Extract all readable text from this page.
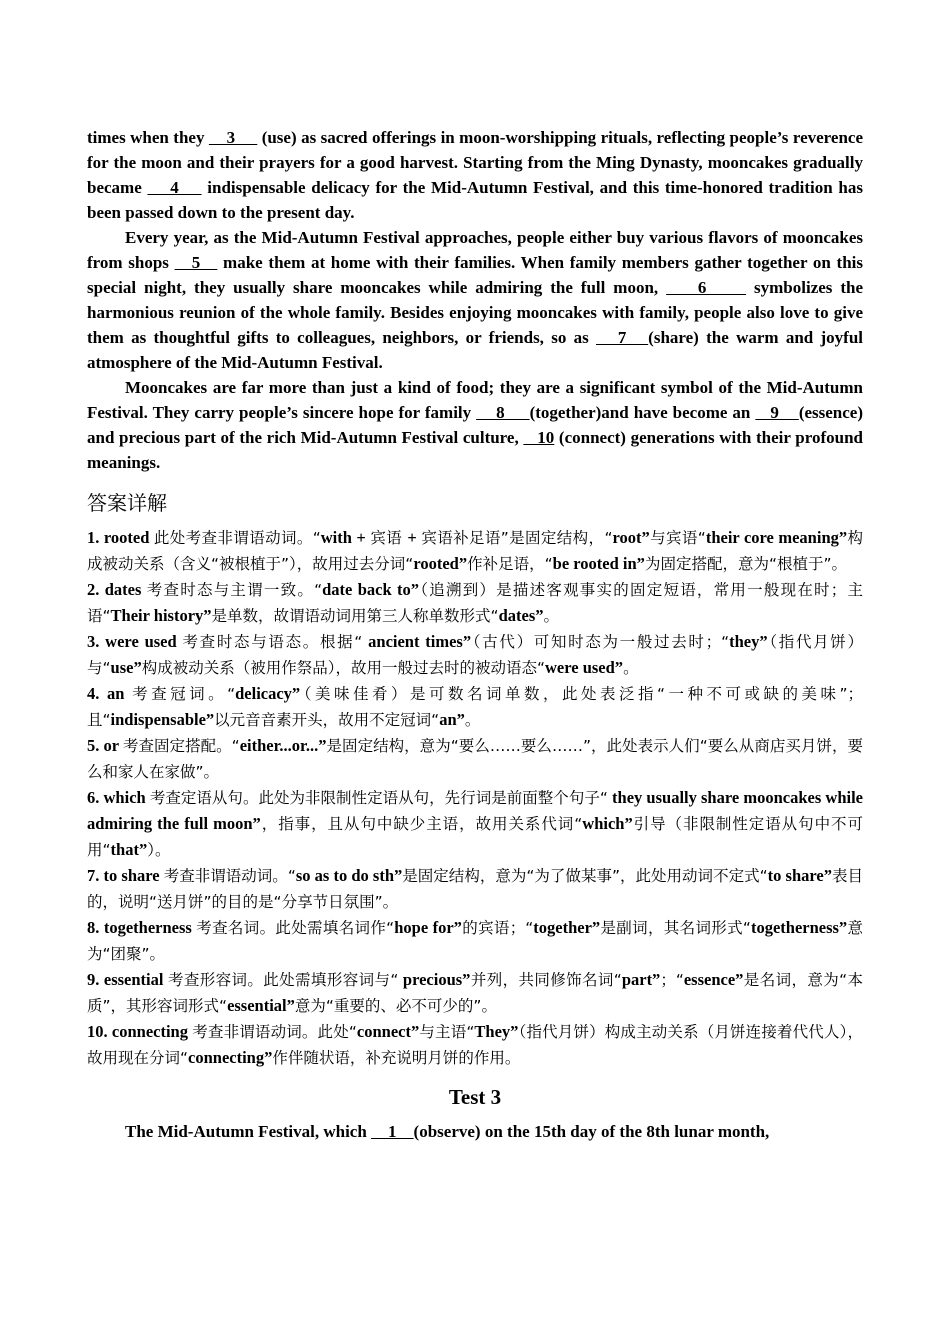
times when they     3      (use) as sacred offerings in moon-worshipping rituals, reflecting people’s reverence for the moon and their prayers for a good harvest. Starting from the Ming Dynasty, mooncakes gradually became     4     indispensable delicacy for the Mid-Autumn Festival, and this time-honored tradition has been passed down to the present day.

Every year, as the Mid-Autumn Festival approaches, people either buy various flavors of mooncakes from shops    5    make them at home with their families. When family members gather together on this special night, they usually share mooncakes while admiring the full moon,     6      symbolizes the harmonious reunion of the whole family. Besides enjoying mooncakes with family, people also love to give them as thoughtful gifts to colleagues, neighbors, or friends, so as    7   (share) the warm and joyful atmosphere of the Mid-Autumn Festival.

Mooncakes are far more than just a kind of food; they are a significant symbol of the Mid-Autumn Festival. They carry people’s sincere hope for family     8     (together)and have become an    9    (essence) and precious part of the rich Mid-Autumn Festival culture,    10 (connect) generations with their profound meanings.

答案详解

1. rooted 此处考查非谓语动词。“with + 宾语 + 宾语补足语”是固定结构，“root”与宾语“their core meaning”构成被动关系（含义“被根植于”），故用过去分词“rooted”作补足语，“be rooted in”为固定搭配，意为“根植于”。

2. dates 考查时态与主谓一致。“date back to”（追溯到）是描述客观事实的固定短语，常用一般现在时；主语“Their history”是单数，故谓语动词用第三人称单数形式“dates”。

3. were used 考查时态与语态。根据“ ancient times”（古代）可知时态为一般过去时；“they”（指代月饼）与“use”构成被动关系（被用作祭品），故用一般过去时的被动语态“were used”。

4. an 考查冠词。“delicacy”（美味佳肴）是可数名词单数，此处表泛指“一种不可或缺的美味”；且“indispensable”以元音音素开头，故用不定冠词“an”。

5. or 考查固定搭配。“either...or...”是固定结构，意为“要么……要么……”，此处表示人们“要么从商店买月饼，要么和家人在家做”。

6. which 考查定语从句。此处为非限制性定语从句，先行词是前面整个句子“ they usually share mooncakes while admiring the full moon”，指事，且从句中缺少主语，故用关系代词“which”引导（非限制性定语从句中不可用“that”）。

7. to share 考查非谓语动词。“so as to do sth”是固定结构，意为“为了做某事”，此处用动词不定式“to share”表目的，说明“送月饼”的目的是“分享节日氛围”。

8. togetherness 考查名词。此处需填名词作“hope for”的宾语；“together”是副词，其名词形式“togetherness”意为“团聚”。

9. essential 考查形容词。此处需填形容词与“ precious”并列，共同修饰名词“part”；“essence”是名词，意为“本质”，其形容词形式“essential”意为“重要的、必不可少的”。

10. connecting 考查非谓语动词。此处“connect”与主语“They”（指代月饼）构成主动关系（月饼连接着代代人），故用现在分词“connecting”作伴随状语，补充说明月饼的作用。

Test 3

The Mid-Autumn Festival, which     1    (observe) on the 15th day of the 8th lunar month,
